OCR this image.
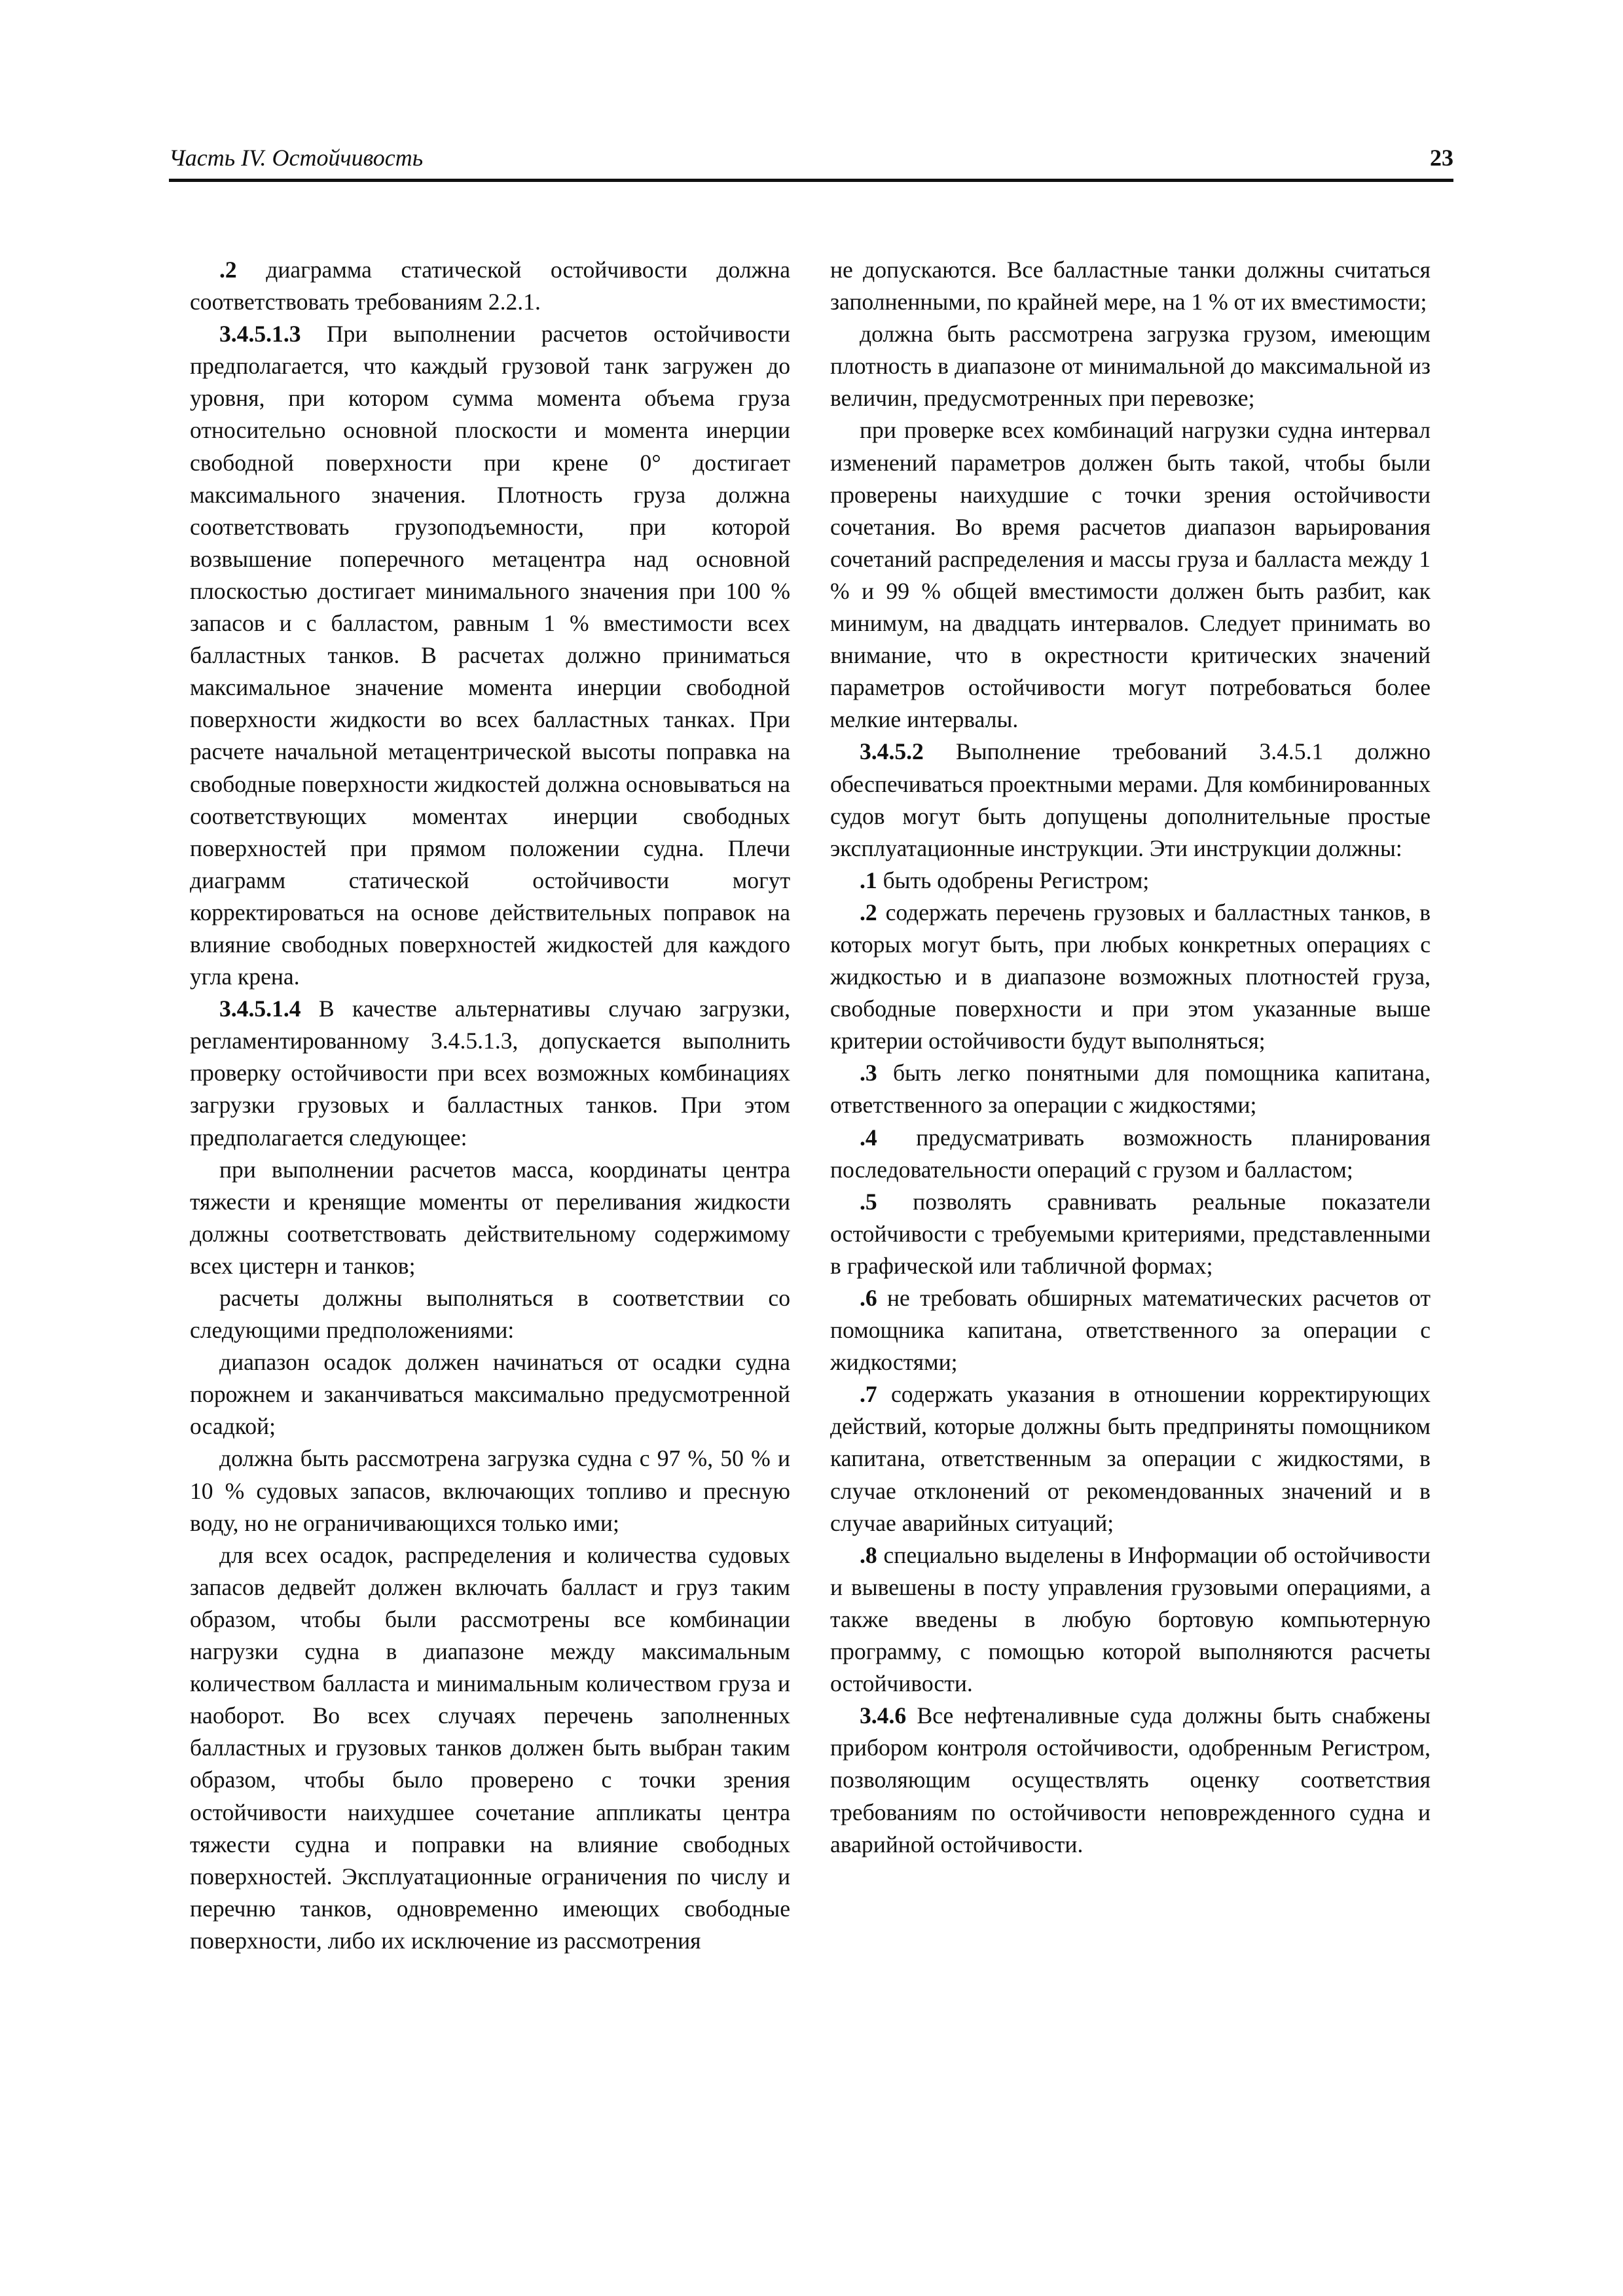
Часть IV. Остойчивость	23

.2 диаграмма статической остойчивости должна соответствовать требованиям 2.2.1.

3.4.5.1.3 При выполнении расчетов остойчивости предполагается, что каждый грузовой танк загружен до уровня, при котором сумма момента объема груза относительно основной плоскости и момента инерции свободной поверхности при крене 0° достигает максимального значения. Плотность груза должна соответствовать грузоподъемности, при которой возвышение поперечного метацентра над основной плоскостью достигает минимального значения при 100 % запасов и с балластом, равным 1 % вместимости всех балластных танков. В расчетах должно приниматься максимальное значение момента инерции свободной поверхности жидкости во всех балластных танках. При расчете начальной метацентрической высоты поправка на свободные поверхности жидкостей должна основываться на соответствующих моментах инерции свободных поверхностей при прямом положении судна. Плечи диаграмм статической остойчивости могут корректироваться на основе действительных поправок на влияние свободных поверхностей жидкостей для каждого угла крена.

3.4.5.1.4 В качестве альтернативы случаю загрузки, регламентированному 3.4.5.1.3, допускается выполнить проверку остойчивости при всех возможных комбинациях загрузки грузовых и балластных танков. При этом предполагается следующее:

при выполнении расчетов масса, координаты центра тяжести и кренящие моменты от переливания жидкости должны соответствовать действительному содержимому всех цистерн и танков;

расчеты должны выполняться в соответствии со следующими предположениями:

диапазон осадок должен начинаться от осадки судна порожнем и заканчиваться максимально предусмотренной осадкой;

должна быть рассмотрена загрузка судна с 97 %, 50 % и 10 % судовых запасов, включающих топливо и пресную воду, но не ограничивающихся только ими;

для всех осадок, распределения и количества судовых запасов дедвейт должен включать балласт и груз таким образом, чтобы были рассмотрены все комбинации нагрузки судна в диапазоне между максимальным количеством балласта и минимальным количеством груза и наоборот. Во всех случаях перечень заполненных балластных и грузовых танков должен быть выбран таким образом, чтобы было проверено с точки зрения остойчивости наихудшее сочетание аппликаты центра тяжести судна и поправки на влияние свободных поверхностей. Эксплуатационные ограничения по числу и перечню танков, одновременно имеющих свободные поверхности, либо их исключение из рассмотрения

не допускаются. Все балластные танки должны считаться заполненными, по крайней мере, на 1 % от их вместимости;

должна быть рассмотрена загрузка грузом, имеющим плотность в диапазоне от минимальной до максимальной из величин, предусмотренных при перевозке;

при проверке всех комбинаций нагрузки судна интервал изменений параметров должен быть такой, чтобы были проверены наихудшие с точки зрения остойчивости сочетания. Во время расчетов диапазон варьирования сочетаний распределения и массы груза и балласта между 1 % и 99 % общей вместимости должен быть разбит, как минимум, на двадцать интервалов. Следует принимать во внимание, что в окрестности критических значений параметров остойчивости могут потребоваться более мелкие интервалы.

3.4.5.2 Выполнение требований 3.4.5.1 должно обеспечиваться проектными мерами. Для комбинированных судов могут быть допущены дополнительные простые эксплуатационные инструкции. Эти инструкции должны:

.1 быть одобрены Регистром;

.2 содержать перечень грузовых и балластных танков, в которых могут быть, при любых конкретных операциях с жидкостью и в диапазоне возможных плотностей груза, свободные поверхности и при этом указанные выше критерии остойчивости будут выполняться;

.3 быть легко понятными для помощника капитана, ответственного за операции с жидкостями;

.4 предусматривать возможность планирования последовательности операций с грузом и балластом;

.5 позволять сравнивать реальные показатели остойчивости с требуемыми критериями, представленными в графической или табличной формах;

.6 не требовать обширных математических расчетов от помощника капитана, ответственного за операции с жидкостями;

.7 содержать указания в отношении корректирующих действий, которые должны быть предприняты помощником капитана, ответственным за операции с жидкостями, в случае отклонений от рекомендованных значений и в случае аварийных ситуаций;

.8 специально выделены в Информации об остойчивости и вывешены в посту управления грузовыми операциями, а также введены в любую бортовую компьютерную программу, с помощью которой выполняются расчеты остойчивости.

3.4.6 Все нефтеналивные суда должны быть снабжены прибором контроля остойчивости, одобренным Регистром, позволяющим осуществлять оценку соответствия требованиям по остойчивости неповрежденного судна и аварийной остойчивости.
